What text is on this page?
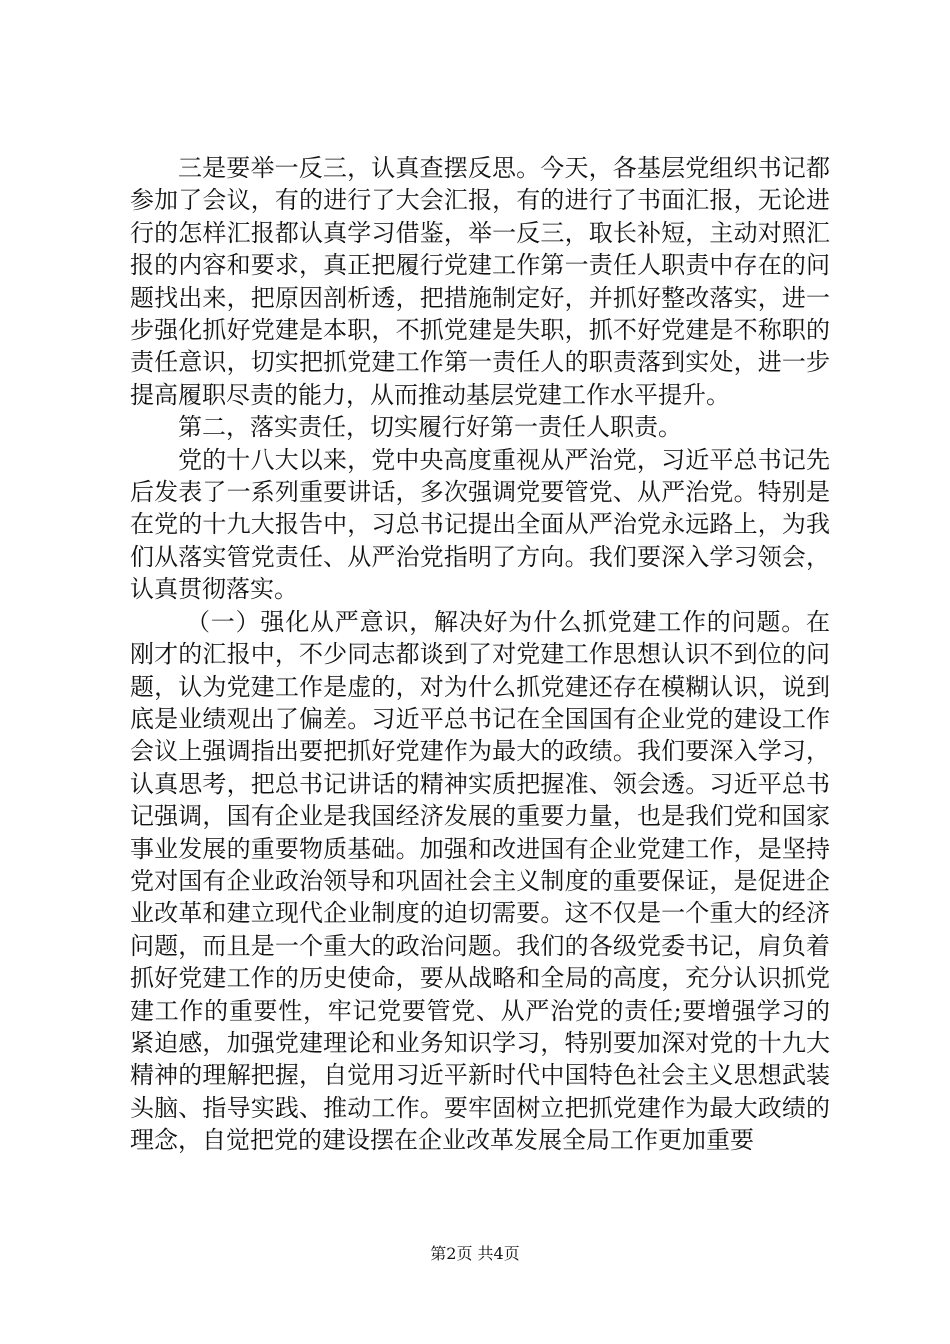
三是要举一反三，认真查摆反思。今天，各基层党组织书记都参加了会议，有的进行了大会汇报，有的进行了书面汇报，无论进行的怎样汇报都认真学习借鉴，举一反三，取长补短，主动对照汇报的内容和要求，真正把履行党建工作第一责任人职责中存在的问题找出来，把原因剖析透，把措施制定好，并抓好整改落实，进一步强化抓好党建是本职，不抓党建是失职，抓不好党建是不称职的责任意识，切实把抓党建工作第一责任人的职责落到实处，进一步提高履职尽责的能力，从而推动基层党建工作水平提升。

第二，落实责任，切实履行好第一责任人职责。

党的十八大以来，党中央高度重视从严治党，习近平总书记先后发表了一系列重要讲话，多次强调党要管党、从严治党。特别是在党的十九大报告中，习总书记提出全面从严治党永远路上，为我们从落实管党责任、从严治党指明了方向。我们要深入学习领会，认真贯彻落实。

（一）强化从严意识，解决好为什么抓党建工作的问题。在刚才的汇报中，不少同志都谈到了对党建工作思想认识不到位的问题，认为党建工作是虚的，对为什么抓党建还存在模糊认识，说到底是业绩观出了偏差。习近平总书记在全国国有企业党的建设工作会议上强调指出要把抓好党建作为最大的政绩。我们要深入学习，认真思考，把总书记讲话的精神实质把握准、领会透。习近平总书记强调，国有企业是我国经济发展的重要力量，也是我们党和国家事业发展的重要物质基础。加强和改进国有企业党建工作，是坚持党对国有企业政治领导和巩固社会主义制度的重要保证，是促进企业改革和建立现代企业制度的迫切需要。这不仅是一个重大的经济问题，而且是一个重大的政治问题。我们的各级党委书记，肩负着抓好党建工作的历史使命，要从战略和全局的高度，充分认识抓党建工作的重要性，牢记党要管党、从严治党的责任;要增强学习的紧迫感，加强党建理论和业务知识学习，特别要加深对党的十九大精神的理解把握，自觉用习近平新时代中国特色社会主义思想武装头脑、指导实践、推动工作。要牢固树立把抓党建作为最大政绩的理念，自觉把党的建设摆在企业改革发展全局工作更加重要

第2页 共4页
